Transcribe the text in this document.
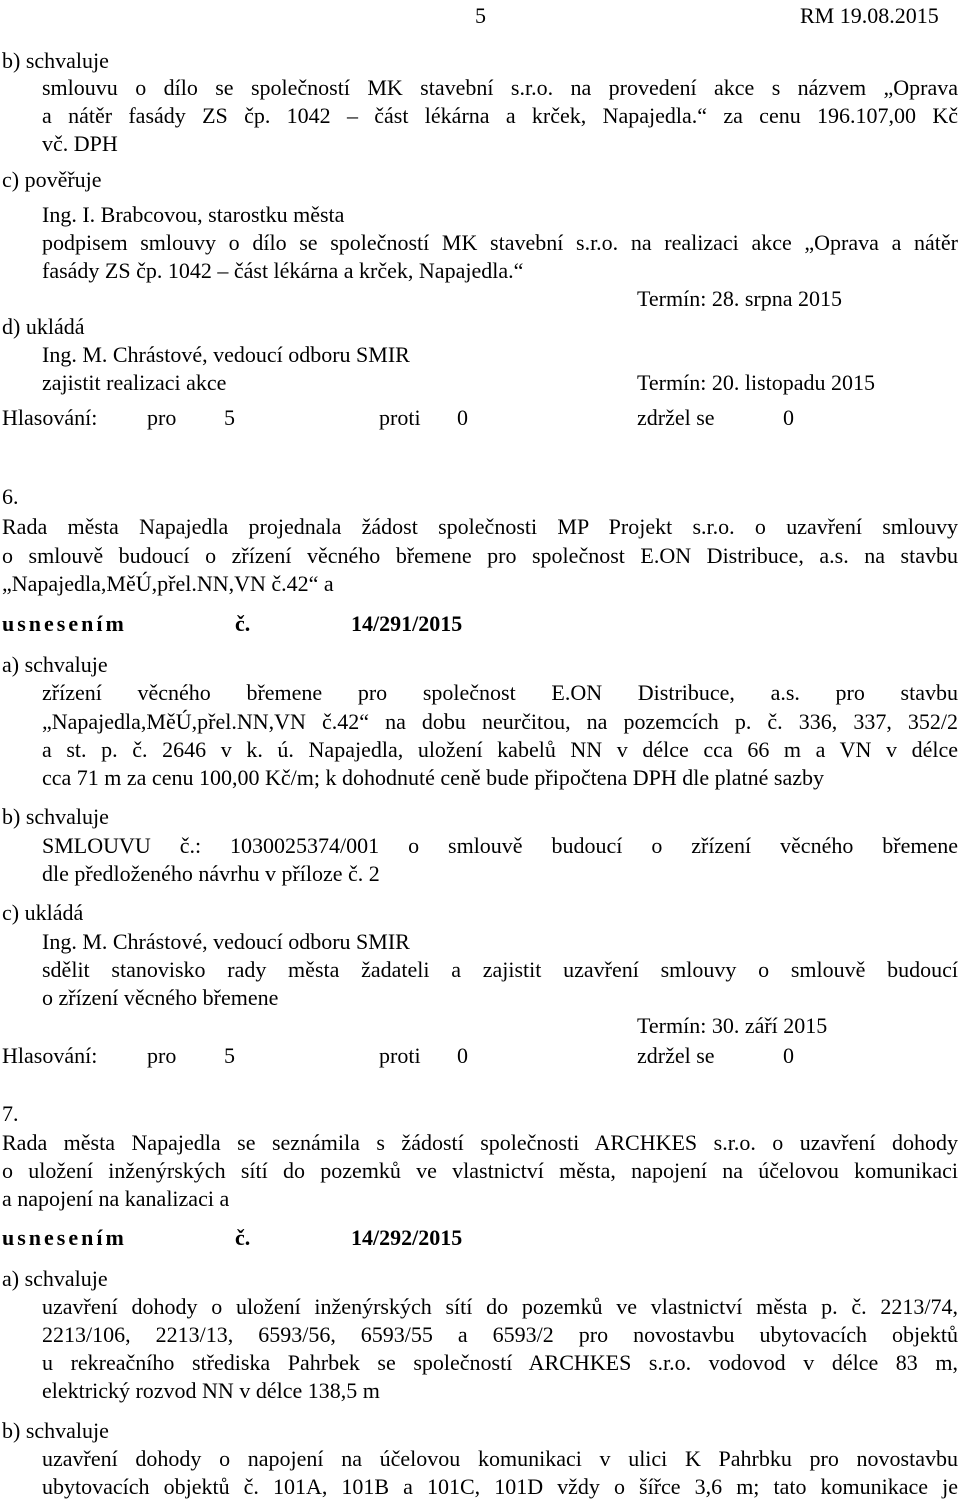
5	RM 19.08.2015
b) schvaluje
smlouvu o dílo se společností MK stavební s.r.o. na provedení akce s názvem „Oprava
a nátěr fasády ZS čp. 1042 – část lékárna a krček, Napajedla.“ za cenu 196.107,00 Kč
vč. DPH
c) pověřuje
Ing. I. Brabcovou, starostku města
podpisem smlouvy o dílo se společností MK stavební s.r.o. na realizaci akce „Oprava a nátěr
fasády ZS čp. 1042 – část lékárna a krček, Napajedla.“
Termín: 28. srpna 2015
d) ukládá
Ing. M. Chrástové, vedoucí odboru SMIR
zajistit realizaci akce	Termín: 20. listopadu 2015
Hlasování: pro 5	proti 0	zdržel se	0
6.
Rada města Napajedla projednala žádost společnosti MP Projekt s.r.o. o uzavření smlouvy
o smlouvě budoucí o zřízení věcného břemene pro společnost E.ON Distribuce, a.s. na stavbu
„Napajedla,MěÚ,přel.NN,VN č.42“ a
usnesením	č.	14/291/2015
a) schvaluje
zřízení věcného břemene pro společnost E.ON Distribuce, a.s. pro stavbu
„Napajedla,MěÚ,přel.NN,VN č.42“ na dobu neurčitou, na pozemcích p. č. 336, 337, 352/2
a st. p. č. 2646 v k. ú. Napajedla, uložení kabelů NN v délce cca 66 m a VN v délce
cca 71 m za cenu 100,00 Kč/m; k dohodnuté ceně bude připočtena DPH dle platné sazby
b) schvaluje
SMLOUVU č.: 1030025374/001 o smlouvě budoucí o zřízení věcného břemene
dle předloženého návrhu v příloze č. 2
c) ukládá
Ing. M. Chrástové, vedoucí odboru SMIR
sdělit stanovisko rady města žadateli a zajistit uzavření smlouvy o smlouvě budoucí
o zřízení věcného břemene
Termín: 30. září 2015
Hlasování: pro 5	proti 0	zdržel se	0
7.
Rada města Napajedla se seznámila s žádostí společnosti ARCHKES s.r.o. o uzavření dohody
o uložení inženýrských sítí do pozemků ve vlastnictví města, napojení na účelovou komunikaci
a napojení na kanalizaci a
usnesením	č.	14/292/2015
a) schvaluje
uzavření dohody o uložení inženýrských sítí do pozemků ve vlastnictví města p. č. 2213/74,
2213/106, 2213/13, 6593/56, 6593/55 a 6593/2 pro novostavbu ubytovacích objektů
u rekreačního střediska Pahrbek se společností ARCHKES s.r.o. vodovod v délce 83 m,
elektrický rozvod NN v délce 138,5 m
b) schvaluje
uzavření dohody o napojení na účelovou komunikaci v ulici K Pahrbku pro novostavbu
ubytovacích objektů č. 101A, 101B a 101C, 101D vždy o šířce 3,6 m; tato komunikace je
